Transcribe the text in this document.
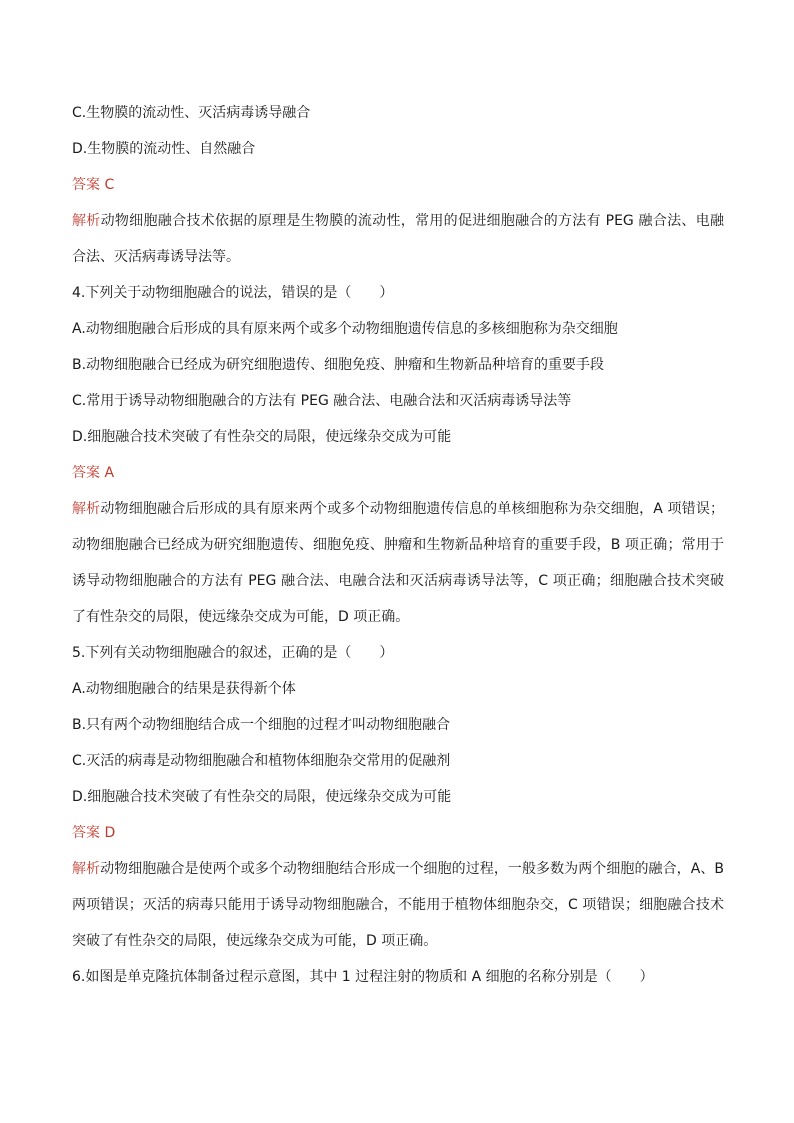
C.生物膜的流动性、灭活病毒诱导融合
D.生物膜的流动性、自然融合
答案 C
解析动物细胞融合技术依据的原理是生物膜的流动性，常用的促进细胞融合的方法有 PEG 融合法、电融合法、灭活病毒诱导法等。
4.下列关于动物细胞融合的说法，错误的是（　　）
A.动物细胞融合后形成的具有原来两个或多个动物细胞遗传信息的多核细胞称为杂交细胞
B.动物细胞融合已经成为研究细胞遗传、细胞免疫、肿瘤和生物新品种培育的重要手段
C.常用于诱导动物细胞融合的方法有 PEG 融合法、电融合法和灭活病毒诱导法等
D.细胞融合技术突破了有性杂交的局限，使远缘杂交成为可能
答案 A
解析动物细胞融合后形成的具有原来两个或多个动物细胞遗传信息的单核细胞称为杂交细胞，A 项错误；动物细胞融合已经成为研究细胞遗传、细胞免疫、肿瘤和生物新品种培育的重要手段，B 项正确；常用于诱导动物细胞融合的方法有 PEG 融合法、电融合法和灭活病毒诱导法等，C 项正确；细胞融合技术突破了有性杂交的局限，使远缘杂交成为可能，D 项正确。
5.下列有关动物细胞融合的叙述，正确的是（　　）
A.动物细胞融合的结果是获得新个体
B.只有两个动物细胞结合成一个细胞的过程才叫动物细胞融合
C.灭活的病毒是动物细胞融合和植物体细胞杂交常用的促融剂
D.细胞融合技术突破了有性杂交的局限，使远缘杂交成为可能
答案 D
解析动物细胞融合是使两个或多个动物细胞结合形成一个细胞的过程，一般多数为两个细胞的融合，A、B 两项错误；灭活的病毒只能用于诱导动物细胞融合，不能用于植物体细胞杂交，C 项错误；细胞融合技术突破了有性杂交的局限，使远缘杂交成为可能，D 项正确。
6.如图是单克隆抗体制备过程示意图，其中 1 过程注射的物质和 A 细胞的名称分别是（　　）
